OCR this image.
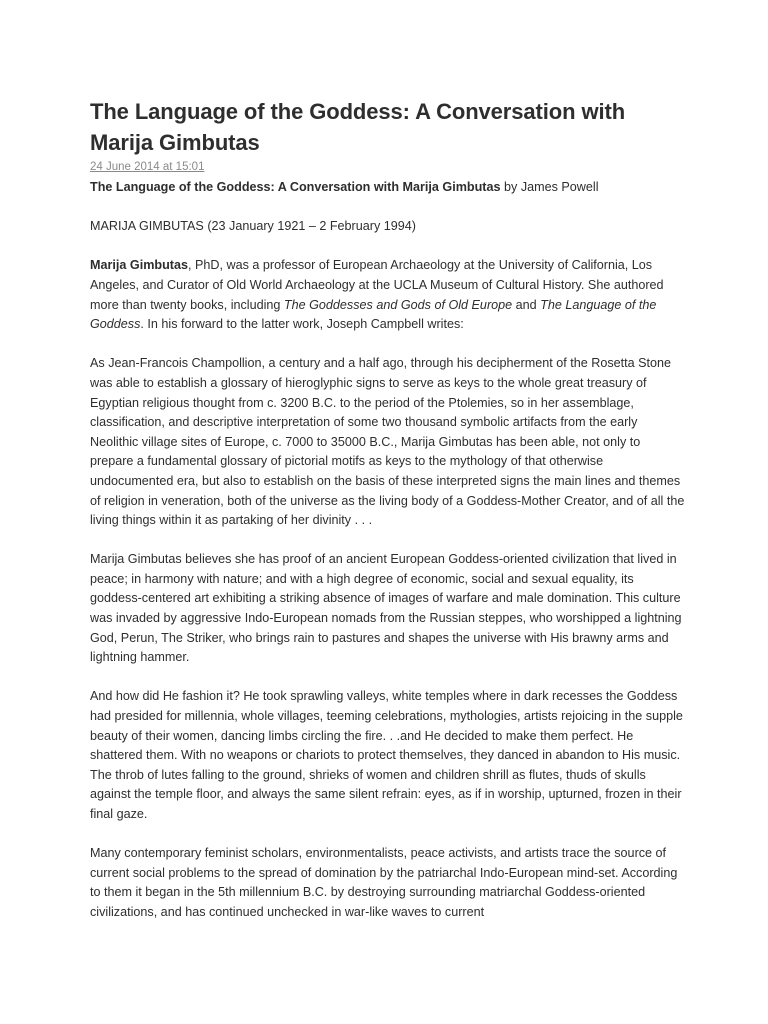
The Language of the Goddess: A Conversation with Marija Gimbutas
24 June 2014 at 15:01

The Language of the Goddess: A Conversation with Marija Gimbutas by James Powell

MARIJA GIMBUTAS (23 January 1921 – 2 February 1994)

Marija Gimbutas, PhD, was a professor of European Archaeology at the University of California, Los Angeles, and Curator of Old World Archaeology at the UCLA Museum of Cultural History. She authored more than twenty books, including The Goddesses and Gods of Old Europe and The Language of the Goddess. In his forward to the latter work, Joseph Campbell writes:

As Jean-Francois Champollion, a century and a half ago, through his decipherment of the Rosetta Stone was able to establish a glossary of hieroglyphic signs to serve as keys to the whole great treasury of Egyptian religious thought from c. 3200 B.C. to the period of the Ptolemies, so in her assemblage, classification, and descriptive interpretation of some two thousand symbolic artifacts from the early Neolithic village sites of Europe, c. 7000 to 35000 B.C., Marija Gimbutas has been able, not only to prepare a fundamental glossary of pictorial motifs as keys to the mythology of that otherwise undocumented era, but also to establish on the basis of these interpreted signs the main lines and themes of religion in veneration, both of the universe as the living body of a Goddess-Mother Creator, and of all the living things within it as partaking of her divinity . . .

Marija Gimbutas believes she has proof of an ancient European Goddess-oriented civilization that lived in peace; in harmony with nature; and with a high degree of economic, social and sexual equality, its goddess-centered art exhibiting a striking absence of images of warfare and male domination. This culture was invaded by aggressive Indo-European nomads from the Russian steppes, who worshipped a lightning God, Perun, The Striker, who brings rain to pastures and shapes the universe with His brawny arms and lightning hammer.

And how did He fashion it? He took sprawling valleys, white temples where in dark recesses the Goddess had presided for millennia, whole villages, teeming celebrations, mythologies, artists rejoicing in the supple beauty of their women, dancing limbs circling the fire. . .and He decided to make them perfect. He shattered them. With no weapons or chariots to protect themselves, they danced in abandon to His music. The throb of lutes falling to the ground, shrieks of women and children shrill as flutes, thuds of skulls against the temple floor, and always the same silent refrain: eyes, as if in worship, upturned, frozen in their final gaze.

Many contemporary feminist scholars, environmentalists, peace activists, and artists trace the source of current social problems to the spread of domination by the patriarchal Indo-European mind-set. According to them it began in the 5th millennium B.C. by destroying surrounding matriarchal Goddess-oriented civilizations, and has continued unchecked in war-like waves to current
